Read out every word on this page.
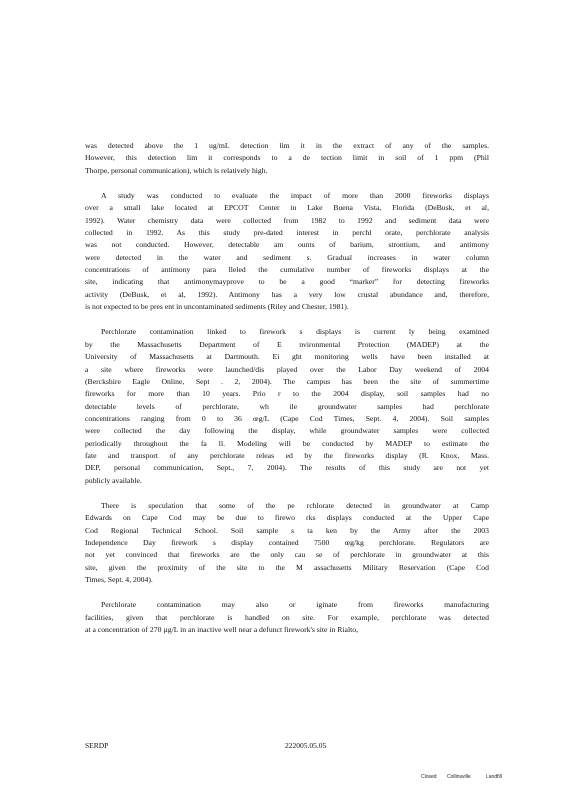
was detected above the 1 ug/mL detection lim it in the extract of any of the samples.
However, this detection lim it corresponds to a de tection limit in soil of 1 ppm (Phil
Thorpe, personal communication), which is relatively high.

A study was conducted to evaluate the impact of more than 2000 fireworks displays
over a small lake located at EPCOT Center in Lake Buena Vista, Florida (DeBusk, et al,
1992). Water chemistry data were collected from 1982 to 1992 and sediment data were
collected in 1992. As this study pre-dated interest in perchl orate, perchlorate analysis
was not conducted. However, detectable am ounts of barium, strontium, and antimony
were detected in the water and sediment s. Gradual increases in water column
concentrations of antimony para lleled the cumulative number of fireworks displays at the
site, indicating that antimonymayprove to be a good “marker” for detecting fireworks
activity (DeBusk, et al, 1992). Antimony has a very low crustal abundance and, therefore,
is not expected to be pres ent in uncontaminated sediments (Riley and Chester, 1981).

Perchlorate contamination linked to firework s displays is current ly being examined
by the Massachusetts Department of E nvironmental Protection (MADEP) at the
University of Massachusetts at Dartmouth. Ei ght monitoring wells have been installed at
a site where fireworks were launched/dis played over the Labor Day weekend of 2004
(Berckshire Eagle Online, Sept . 2, 2004). The campus has been the site of summertime
fireworks for more than 10 years. Prio r to the 2004 display, soil samples had no
detectable levels of perchlorate, wh ile groundwater samples had perchlorate
concentrations ranging from 0 to 36 œg/L (Cape Cod Times, Sept. 4, 2004). Soil samples
were collected the day following the display, while groundwater samples were collected
periodically throughout the fa ll. Modeling will be conducted by MADEP to estimate the
fate and transport of any perchlorate releas ed by the fireworks display (R. Knox, Mass.
DEP, personal communication, Sept., 7, 2004). The results of this study are not yet
publicly available.

There is speculation that some of the pe rchlorate detected in groundwater at Camp
Edwards on Cape Cod may be due to firewo rks displays conducted at the Upper Cape
Cod Regional Technical School. Soil sample s ta ken by the Army after the 2003
Independence Day firework s display contained 7500 œg/kg perchlorate. Regulators are
not yet convinced that fireworks are the only cau se of perchlorate in groundwater at this
site, given the proximity of the site to the M assachusetts Military Reservation (Cape Cod
Times, Sept. 4, 2004).

Perchlorate contamination may also or iginate from fireworks manufacturing
facilities, given that perchlorate is handled on site. For example, perchlorate was detected
at a concentration of 270 µg/L in an inactive well near a defunct firework's site in Rialto,

SERDP	222005.05.05
Closed Collinsville	Landfill
